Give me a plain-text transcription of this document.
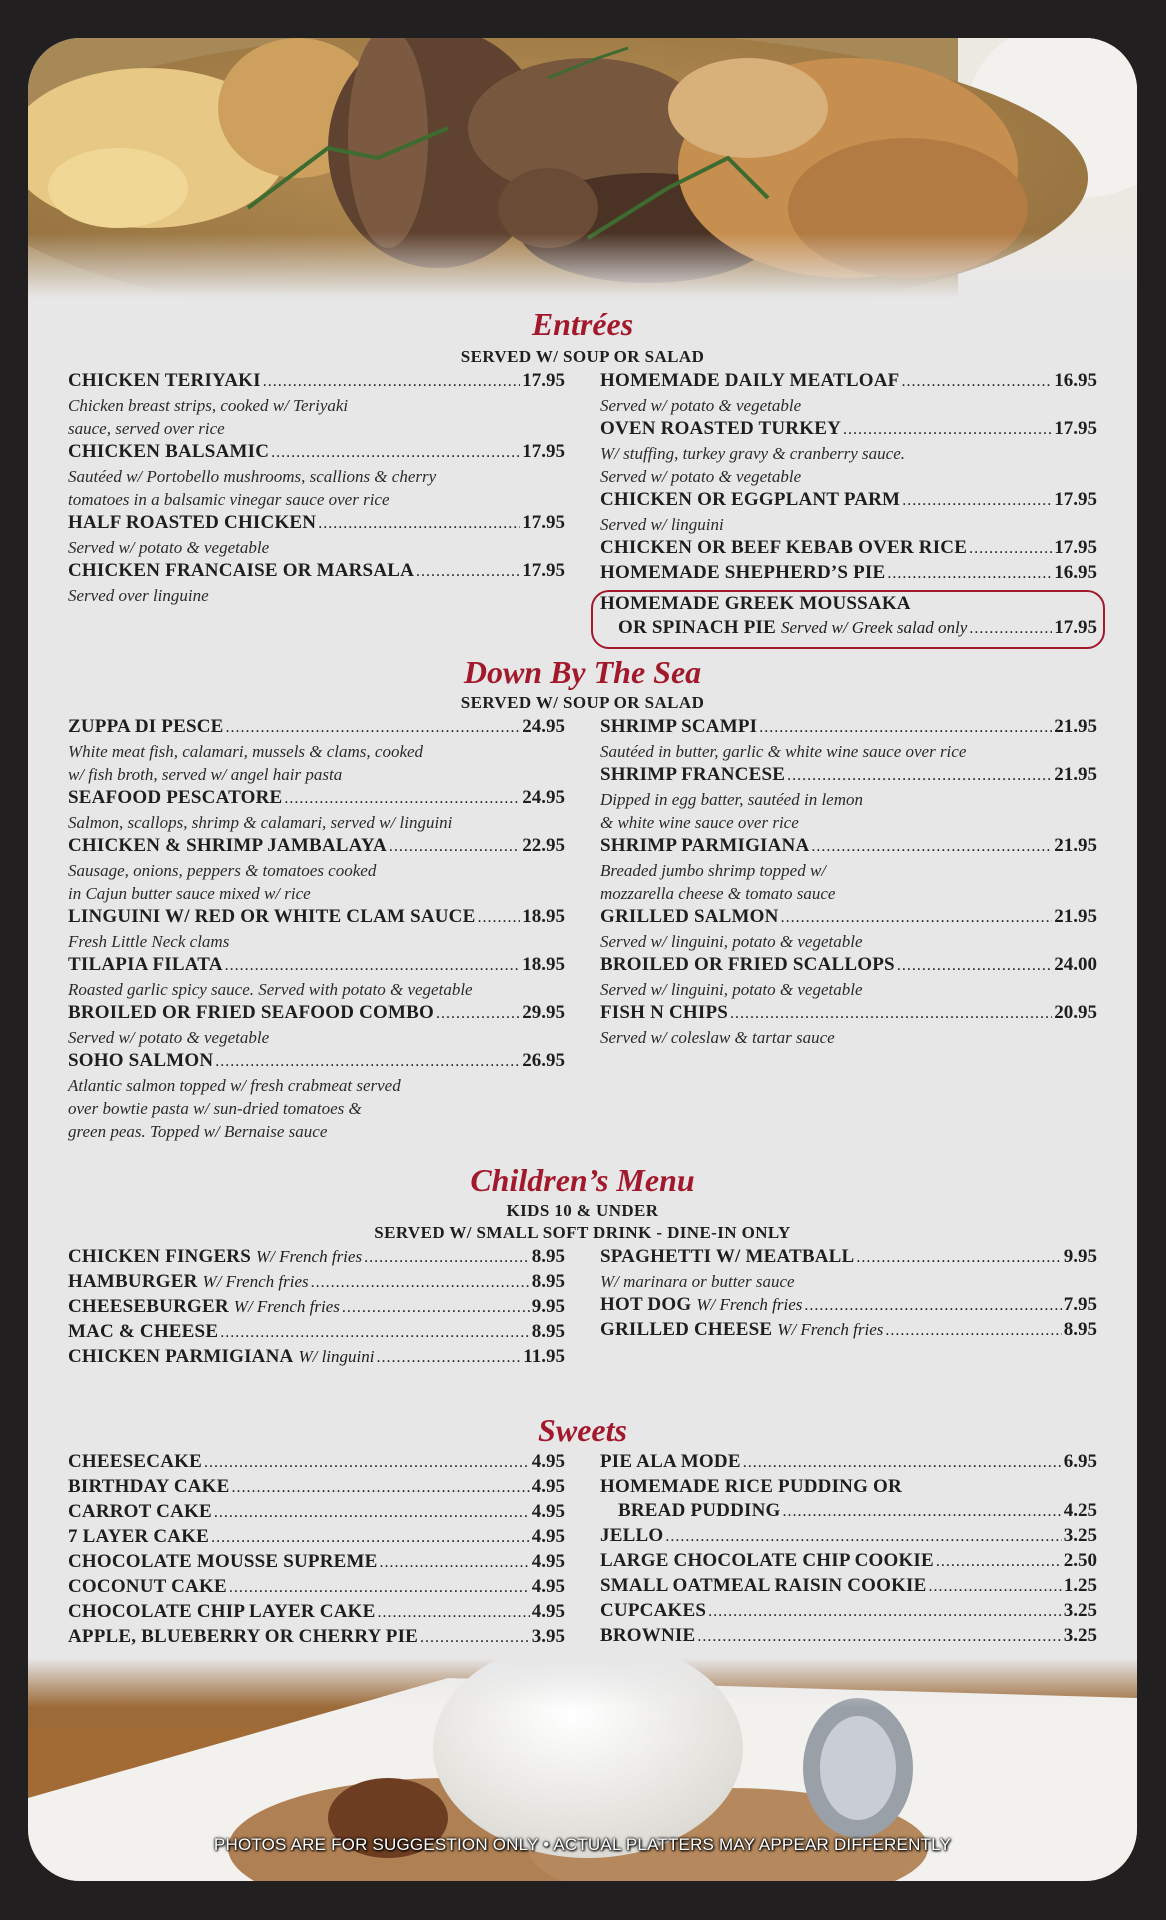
Entrées
SERVED W/ SOUP OR SALAD
CHICKEN TERIYAKI .....	17.95
Chicken breast strips, cooked w/ Teriyaki
sauce, served over rice
CHICKEN BALSAMIC .....	17.95
Sautéed w/ Portobello mushrooms, scallions & cherry
tomatoes in a balsamic vinegar sauce over rice
HALF ROASTED CHICKEN .....	17.95
Served w/ potato & vegetable
CHICKEN FRANCAISE OR MARSALA .....	17.95
Served over linguine
HOMEMADE DAILY MEATLOAF .....	16.95
Served w/ potato & vegetable
OVEN ROASTED TURKEY .....	17.95
W/ stuffing, turkey gravy & cranberry sauce.
Served w/ potato & vegetable
CHICKEN OR EGGPLANT PARM .....	17.95
Served w/ linguini
CHICKEN OR BEEF KEBAB OVER RICE .....	17.95
HOMEMADE SHEPHERD’S PIE .....	16.95
HOMEMADE GREEK MOUSSAKA
OR SPINACH PIE Served w/ Greek salad only .....	17.95
Down By The Sea
SERVED W/ SOUP OR SALAD
ZUPPA DI PESCE .....	24.95
White meat fish, calamari, mussels & clams, cooked
w/ fish broth, served w/ angel hair pasta
SEAFOOD PESCATORE .....	24.95
Salmon, scallops, shrimp & calamari, served w/ linguini
CHICKEN & SHRIMP JAMBALAYA .....	22.95
Sausage, onions, peppers & tomatoes cooked
in Cajun butter sauce mixed w/ rice
LINGUINI W/ RED OR WHITE CLAM SAUCE ..... 18.95
Fresh Little Neck clams
TILAPIA FILATA .....	18.95
Roasted garlic spicy sauce. Served with potato & vegetable
BROILED OR FRIED SEAFOOD COMBO .....	29.95
Served w/ potato & vegetable
SOHO SALMON .....	26.95
Atlantic salmon topped w/ fresh crabmeat served
over bowtie pasta w/ sun-dried tomatoes &
green peas. Topped w/ Bernaise sauce
SHRIMP SCAMPI .....	21.95
Sautéed in butter, garlic & white wine sauce over rice
SHRIMP FRANCESE .....	21.95
Dipped in egg batter, sautéed in lemon
& white wine sauce over rice
SHRIMP PARMIGIANA .....	21.95
Breaded jumbo shrimp topped w/
mozzarella cheese & tomato sauce
GRILLED SALMON .....	21.95
Served w/ linguini, potato & vegetable
BROILED OR FRIED SCALLOPS .....	24.00
Served w/ linguini, potato & vegetable
FISH N CHIPS .....	20.95
Served w/ coleslaw & tartar sauce
Children’s Menu
KIDS 10 & UNDER
SERVED W/ SMALL SOFT DRINK - DINE-IN ONLY
CHICKEN FINGERS W/ French fries .....	8.95
HAMBURGER W/ French fries .....	8.95
CHEESEBURGER W/ French fries .....	9.95
MAC & CHEESE .....	8.95
CHICKEN PARMIGIANA W/ linguini .....	11.95
SPAGHETTI W/ MEATBALL .....	9.95
W/ marinara or butter sauce
HOT DOG W/ French fries .....	7.95
GRILLED CHEESE W/ French fries .....	8.95
Sweets
CHEESECAKE .....	4.95
BIRTHDAY CAKE .....	4.95
CARROT CAKE .....	4.95
7 LAYER CAKE .....	4.95
CHOCOLATE MOUSSE SUPREME .....	4.95
COCONUT CAKE .....	4.95
CHOCOLATE CHIP LAYER CAKE .....	4.95
APPLE, BLUEBERRY OR CHERRY PIE .....	3.95
PIE ALA MODE .....	6.95
HOMEMADE RICE PUDDING OR
BREAD PUDDING .....	4.25
JELLO .....	3.25
LARGE CHOCOLATE CHIP COOKIE .....	2.50
SMALL OATMEAL RAISIN COOKIE .....	1.25
CUPCAKES .....	3.25
BROWNIE .....	3.25
PHOTOS ARE FOR SUGGESTION ONLY • ACTUAL PLATTERS MAY APPEAR DIFFERENTLY
